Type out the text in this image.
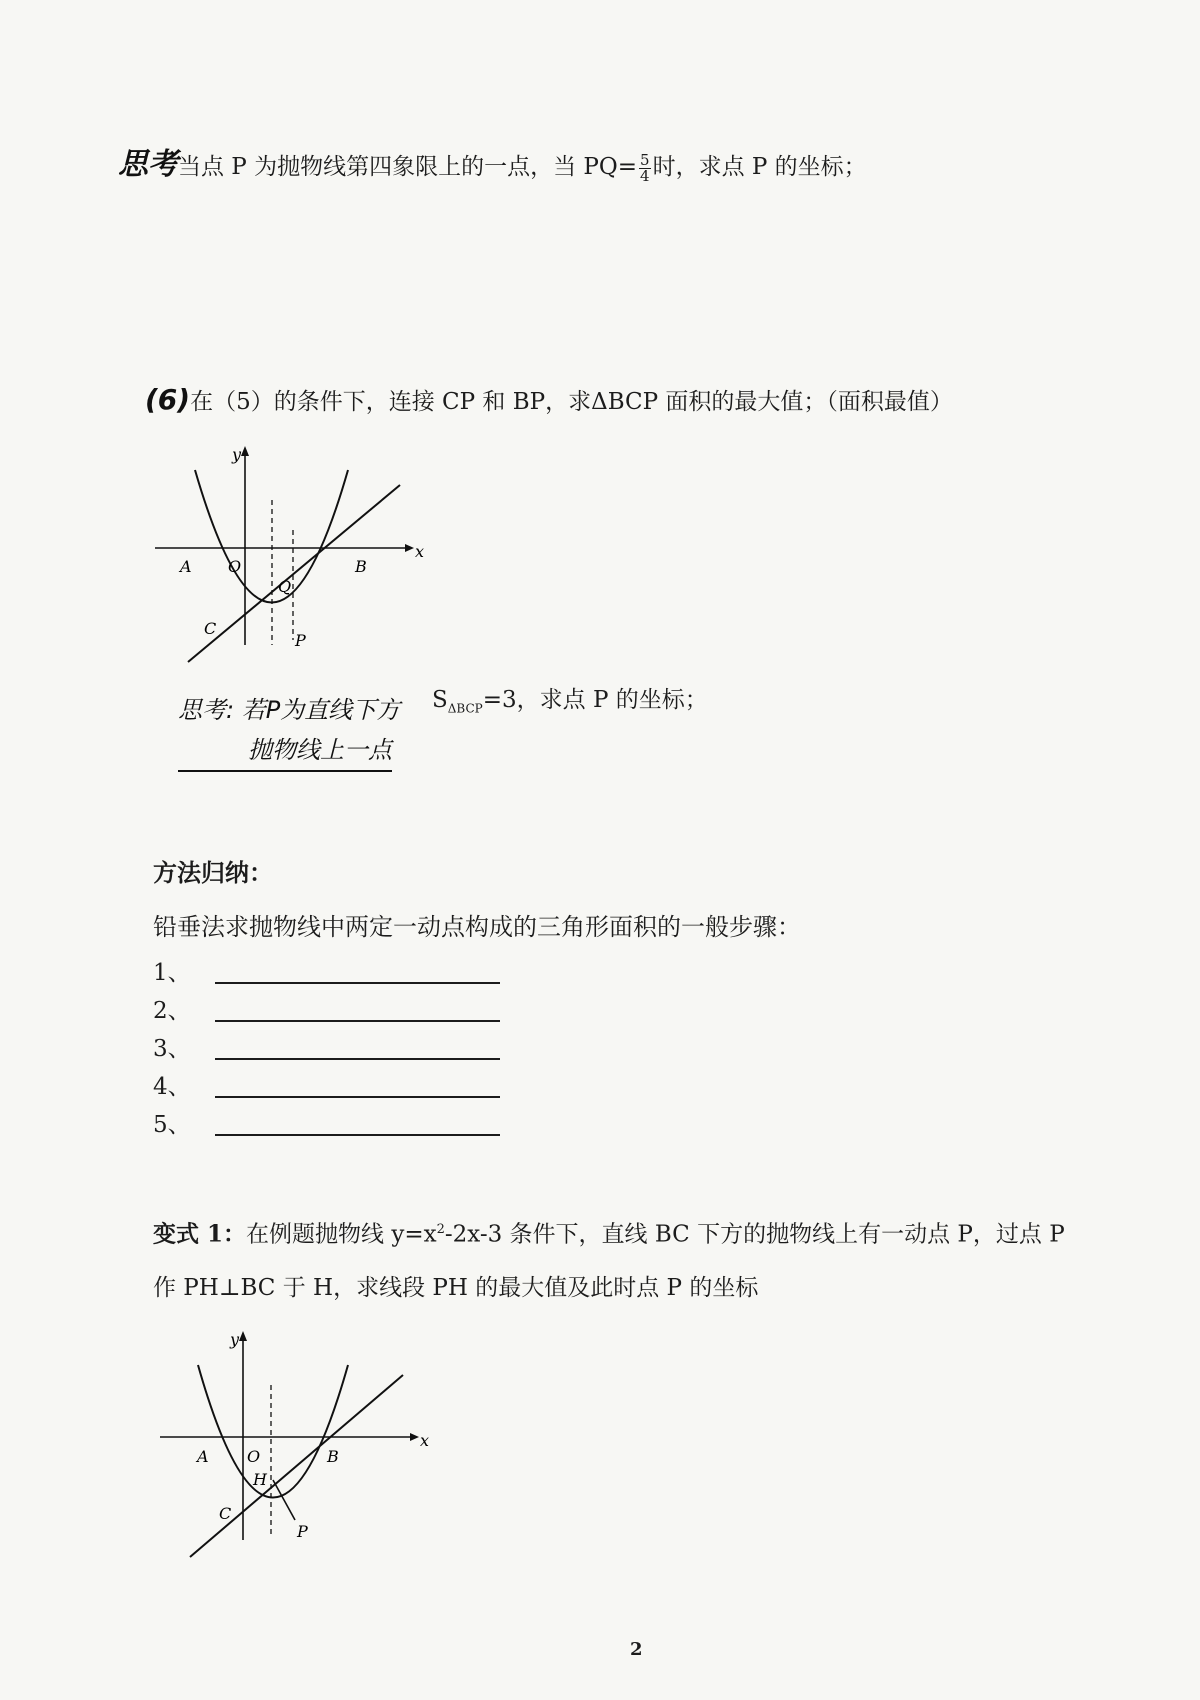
思考当点 P 为抛物线第四象限上的一点，当 $PQ= \frac{5}{4}$ 时，求点 P 的坐标；
(6)在（5）的条件下，连接 CP 和 BP，求ΔBCP 面积的最大值；（面积最值）
y
x
A O	B
Q
C
P
思考: 若P为直线下方
抛物线上一点
$S_{\Delta BCP}=3$，求点 P 的坐标；
方法归纳：
铅垂法求抛物线中两定一动点构成的三角形面积的一般步骤：
1、
2、
3、
4、
5、
变式 1：在例题抛物线 $y=x^2-2x-3$ 条件下，直线 BC 下方的抛物线上有一动点 P，过点 P
作 PH⊥BC 于 H，求线段 PH 的最大值及此时点 P 的坐标
y
x
A O	B
H
C
P
2
